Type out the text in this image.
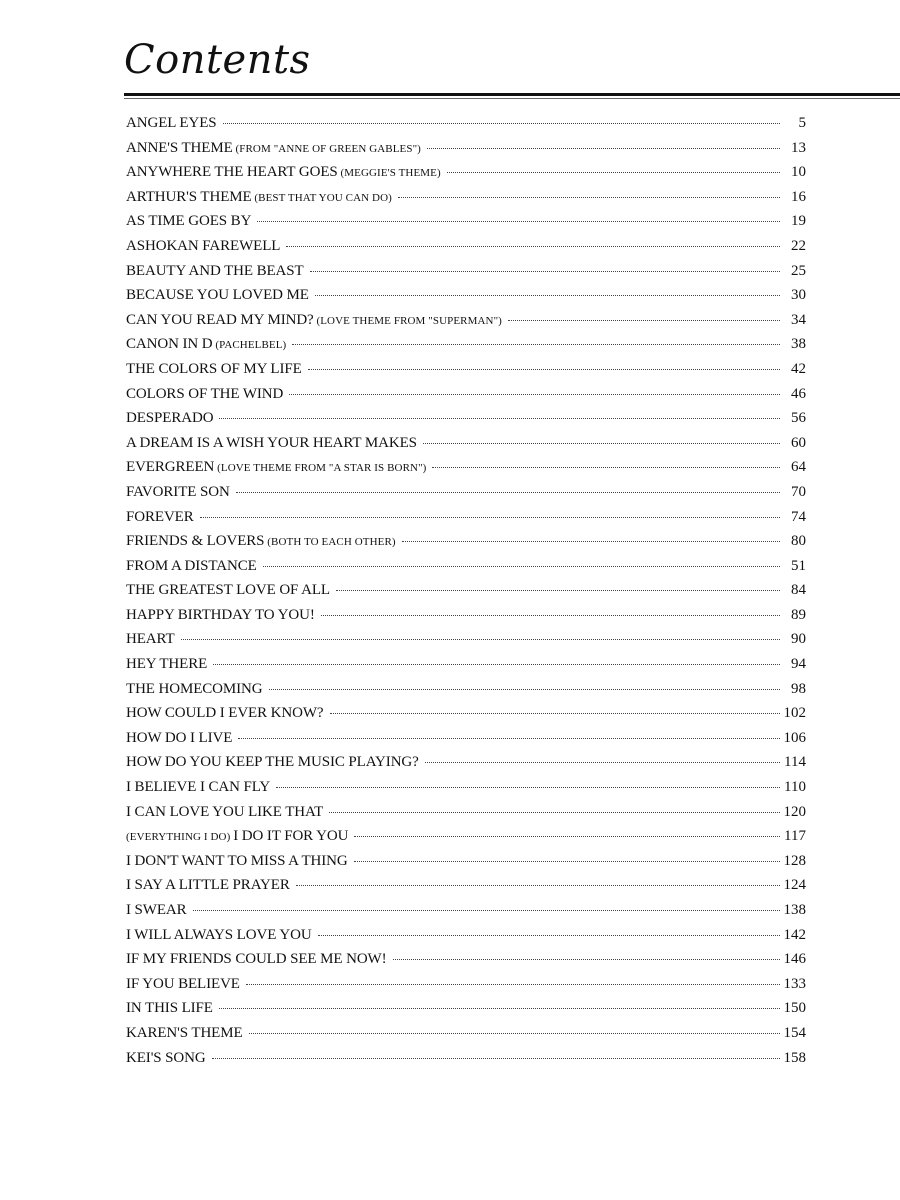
Contents
ANGEL EYES	5
ANNE'S THEME (FROM "ANNE OF GREEN GABLES")	13
ANYWHERE THE HEART GOES (MEGGIE'S THEME)	10
ARTHUR'S THEME (BEST THAT YOU CAN DO)	16
AS TIME GOES BY	19
ASHOKAN FAREWELL	22
BEAUTY AND THE BEAST	25
BECAUSE YOU LOVED ME	30
CAN YOU READ MY MIND? (LOVE THEME FROM "SUPERMAN")	34
CANON IN D (PACHELBEL)	38
THE COLORS OF MY LIFE	42
COLORS OF THE WIND	46
DESPERADO	56
A DREAM IS A WISH YOUR HEART MAKES	60
EVERGREEN (LOVE THEME FROM "A STAR IS BORN")	64
FAVORITE SON	70
FOREVER	74
FRIENDS & LOVERS (BOTH TO EACH OTHER)	80
FROM A DISTANCE	51
THE GREATEST LOVE OF ALL	84
HAPPY BIRTHDAY TO YOU!	89
HEART	90
HEY THERE	94
THE HOMECOMING	98
HOW COULD I EVER KNOW?	102
HOW DO I LIVE	106
HOW DO YOU KEEP THE MUSIC PLAYING?	114
I BELIEVE I CAN FLY	110
I CAN LOVE YOU LIKE THAT	120
(EVERYTHING I DO) I DO IT FOR YOU	117
I DON'T WANT TO MISS A THING	128
I SAY A LITTLE PRAYER	124
I SWEAR	138
I WILL ALWAYS LOVE YOU	142
IF MY FRIENDS COULD SEE ME NOW!	146
IF YOU BELIEVE	133
IN THIS LIFE	150
KAREN'S THEME	154
KEI'S SONG	158
